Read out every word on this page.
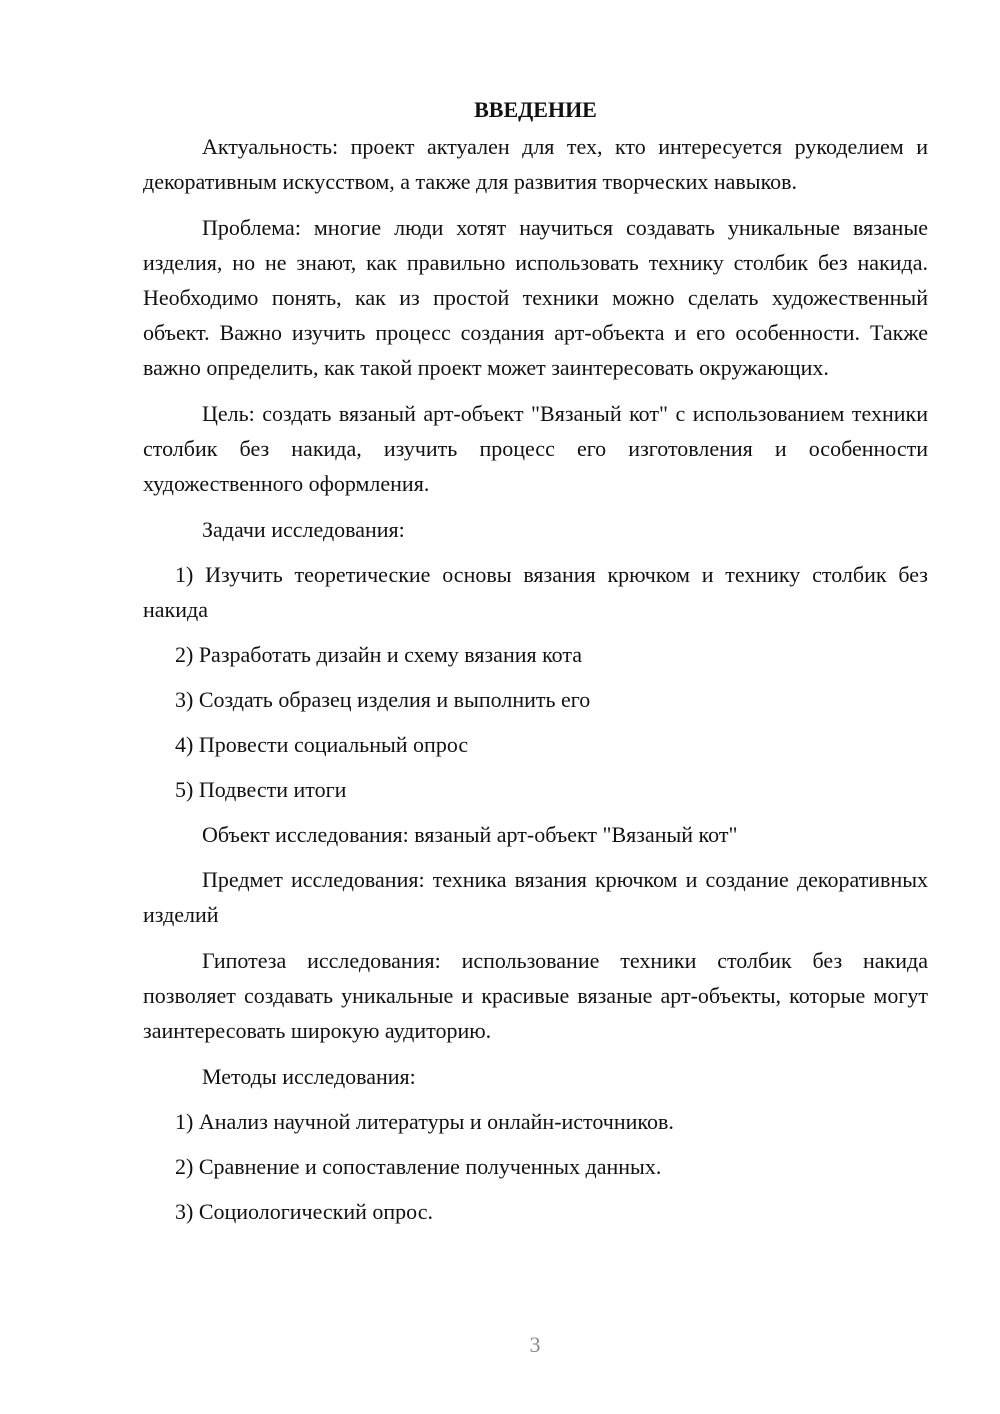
ВВЕДЕНИЕ
Актуальность: проект актуален для тех, кто интересуется рукоделием и декоративным искусством, а также для развития творческих навыков.
Проблема: многие люди хотят научиться создавать уникальные вязаные изделия, но не знают, как правильно использовать технику столбик без накида. Необходимо понять, как из простой техники можно сделать художественный объект. Важно изучить процесс создания арт-объекта и его особенности. Также важно определить, как такой проект может заинтересовать окружающих.
Цель: создать вязаный арт-объект "Вязаный кот" с использованием техники столбик без накида, изучить процесс его изготовления и особенности художественного оформления.
Задачи исследования:
1) Изучить теоретические основы вязания крючком и технику столбик без накида
2) Разработать дизайн и схему вязания кота
3) Создать образец изделия и выполнить его
4) Провести социальный опрос
5) Подвести итоги
Объект исследования: вязаный арт-объект "Вязаный кот"
Предмет исследования: техника вязания крючком и создание декоративных изделий
Гипотеза исследования: использование техники столбик без накида позволяет создавать уникальные и красивые вязаные арт-объекты, которые могут заинтересовать широкую аудиторию.
Методы исследования:
1) Анализ научной литературы и онлайн-источников.
2) Сравнение и сопоставление полученных данных.
3) Социологический опрос.
3
